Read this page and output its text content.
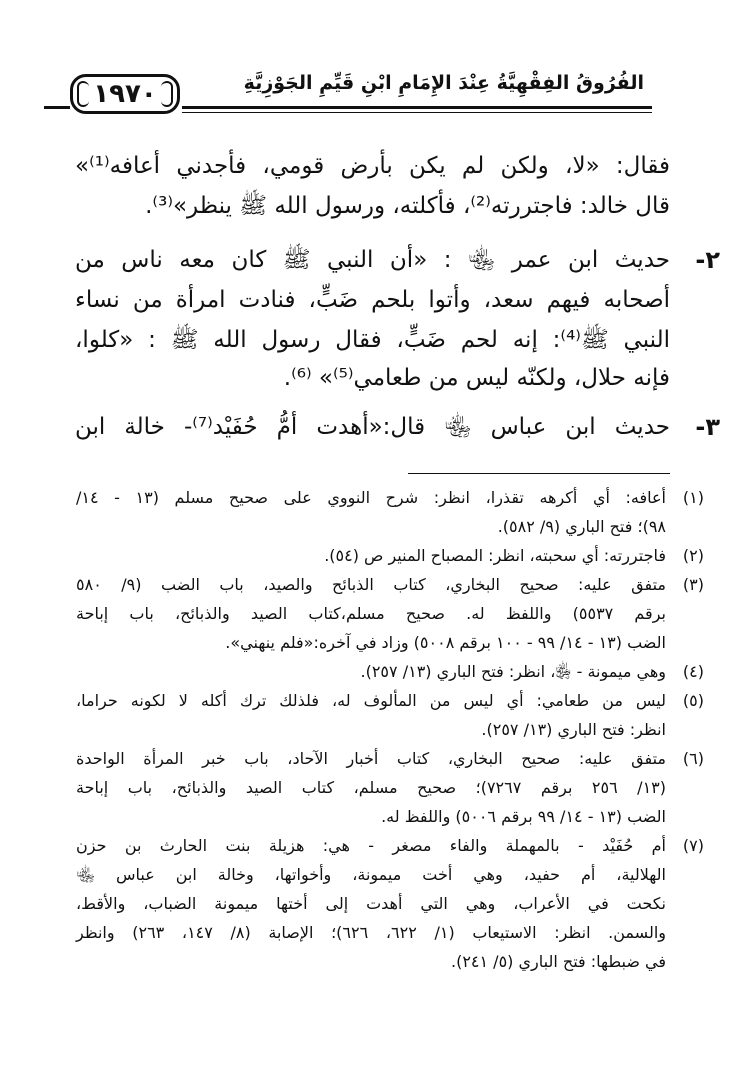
١٩٧٠	الفُرُوقُ الفِقْهِيَّةُ عِنْدَ الإِمَامِ ابْنِ قَيِّمِ الجَوْزِيَّةِ
فقال: «لا، ولكن لم يكن بأرض قومي، فأجدني أعافه⁽¹⁾»
قال خالد: فاجتررته⁽²⁾، فأكلته، ورسول الله ﷺ ينظر»⁽³⁾.
٢-
حديث ابن عمر ﵄ : «أن النبي ﷺ كان معه ناس من
أصحابه فيهم سعد، وأتوا بلحم ضَبٍّ، فنادت امرأة من نساء
النبي ﷺ⁽⁴⁾: إنه لحم ضَبٍّ، فقال رسول الله ﷺ : «كلوا،
فإنه حلال، ولكنّه ليس من طعامي⁽⁵⁾» ⁽⁶⁾.
٣-
حديث ابن عباس ﵄ قال:«أهدت أمُّ حُفَيْد⁽⁷⁾- خالة ابن
(١)
أعافه: أي أكرهه تقذرا، انظر: شرح النووي على صحيح مسلم (١٣ - ١٤/
٩٨)؛ فتح الباري (٩/ ٥٨٢).
(٢)
فاجتررته: أي سحبته، انظر: المصباح المنير ص (٥٤).
(٣)
متفق عليه: صحيح البخاري، كتاب الذبائح والصيد، باب الضب (٩/ ٥٨٠
برقم ٥٥٣٧) واللفظ له. صحيح مسلم،كتاب الصيد والذبائح، باب إباحة
الضب (١٣ - ١٤/ ٩٩ - ١٠٠ برقم ٥٠٠٨) وزاد في آخره:«فلم ينهني».
(٤)
وهي ميمونة - ﵂، انظر: فتح الباري (١٣/ ٢٥٧).
(٥)
ليس من طعامي: أي ليس من المألوف له، فلذلك ترك أكله لا لكونه حراما،
انظر: فتح الباري (١٣/ ٢٥٧).
(٦)
متفق عليه: صحيح البخاري، كتاب أخبار الآحاد، باب خبر المرأة الواحدة
(١٣/ ٢٥٦ برقم ٧٢٦٧)؛ صحيح مسلم، كتاب الصيد والذبائح، باب إباحة
الضب (١٣ - ١٤/ ٩٩ برقم ٥٠٠٦) واللفظ له.
(٧)
أم حُفَيْد - بالمهملة والفاء مصغر - هي: هزيلة بنت الحارث بن حزن
الهلالية، أم حفيد، وهي أخت ميمونة، وأخواتها، وخالة ابن عباس ﵄
نكحت في الأعراب، وهي التي أهدت إلى أختها ميمونة الضباب، والأقط،
والسمن. انظر: الاستيعاب (١/ ٦٢٢، ٦٢٦)؛ الإصابة (٨/ ١٤٧، ٢٦٣) وانظر
في ضبطها: فتح الباري (٥/ ٢٤١).
